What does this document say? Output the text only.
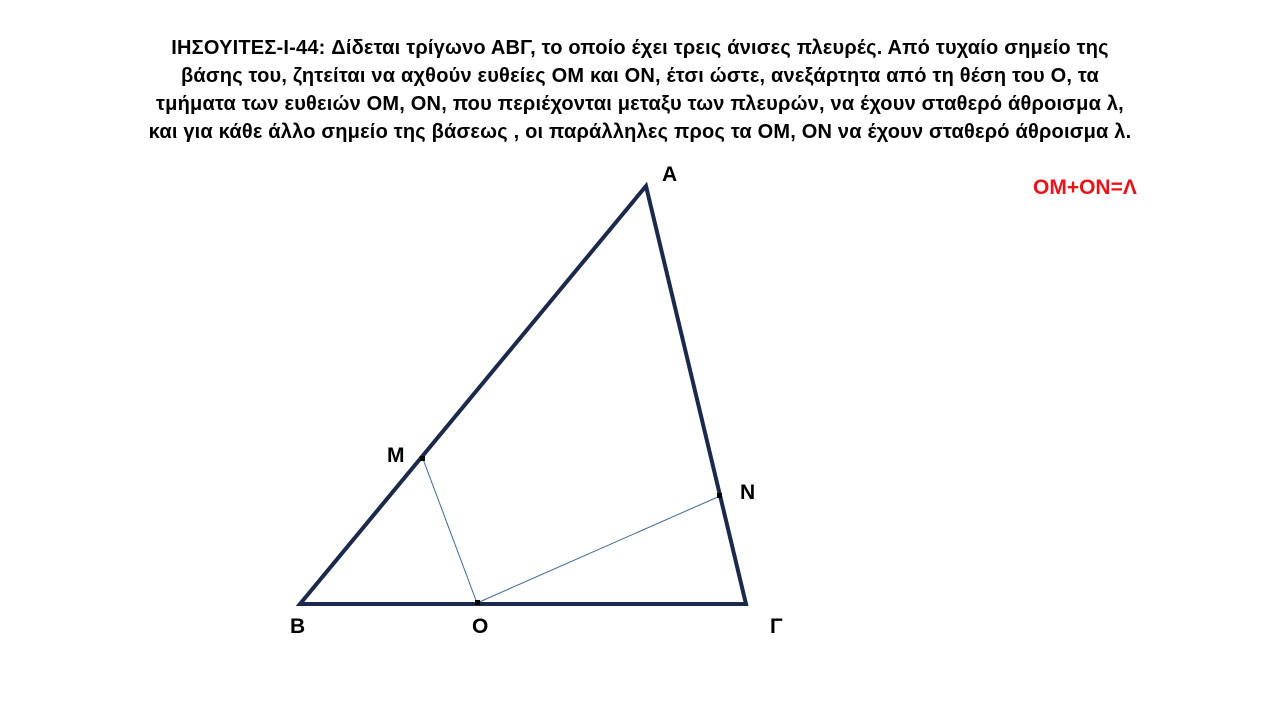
ΙΗΣΟΥΙΤΕΣ-I-44: Δίδεται τρίγωνο ΑΒΓ, το οποίο έχει τρεις άνισες πλευρές. Από τυχαίο σημείο της
βάσης του, ζητείται να αχθούν ευθείες ΟΜ και ΟΝ, έτσι ώστε, ανεξάρτητα από τη θέση του Ο, τα
τμήματα των ευθειών ΟΜ, ΟΝ, που περιέχονται μεταξυ των πλευρών, να έχουν σταθερό άθροισμα λ,
και για κάθε άλλο σημείο της βάσεως , οι παράλληλες προς τα ΟΜ, ΟΝ να έχουν σταθερό άθροισμα λ.
ΟΜ+ΟΝ=Λ
Α
Β	Γ
Μ
Ν
Ο
